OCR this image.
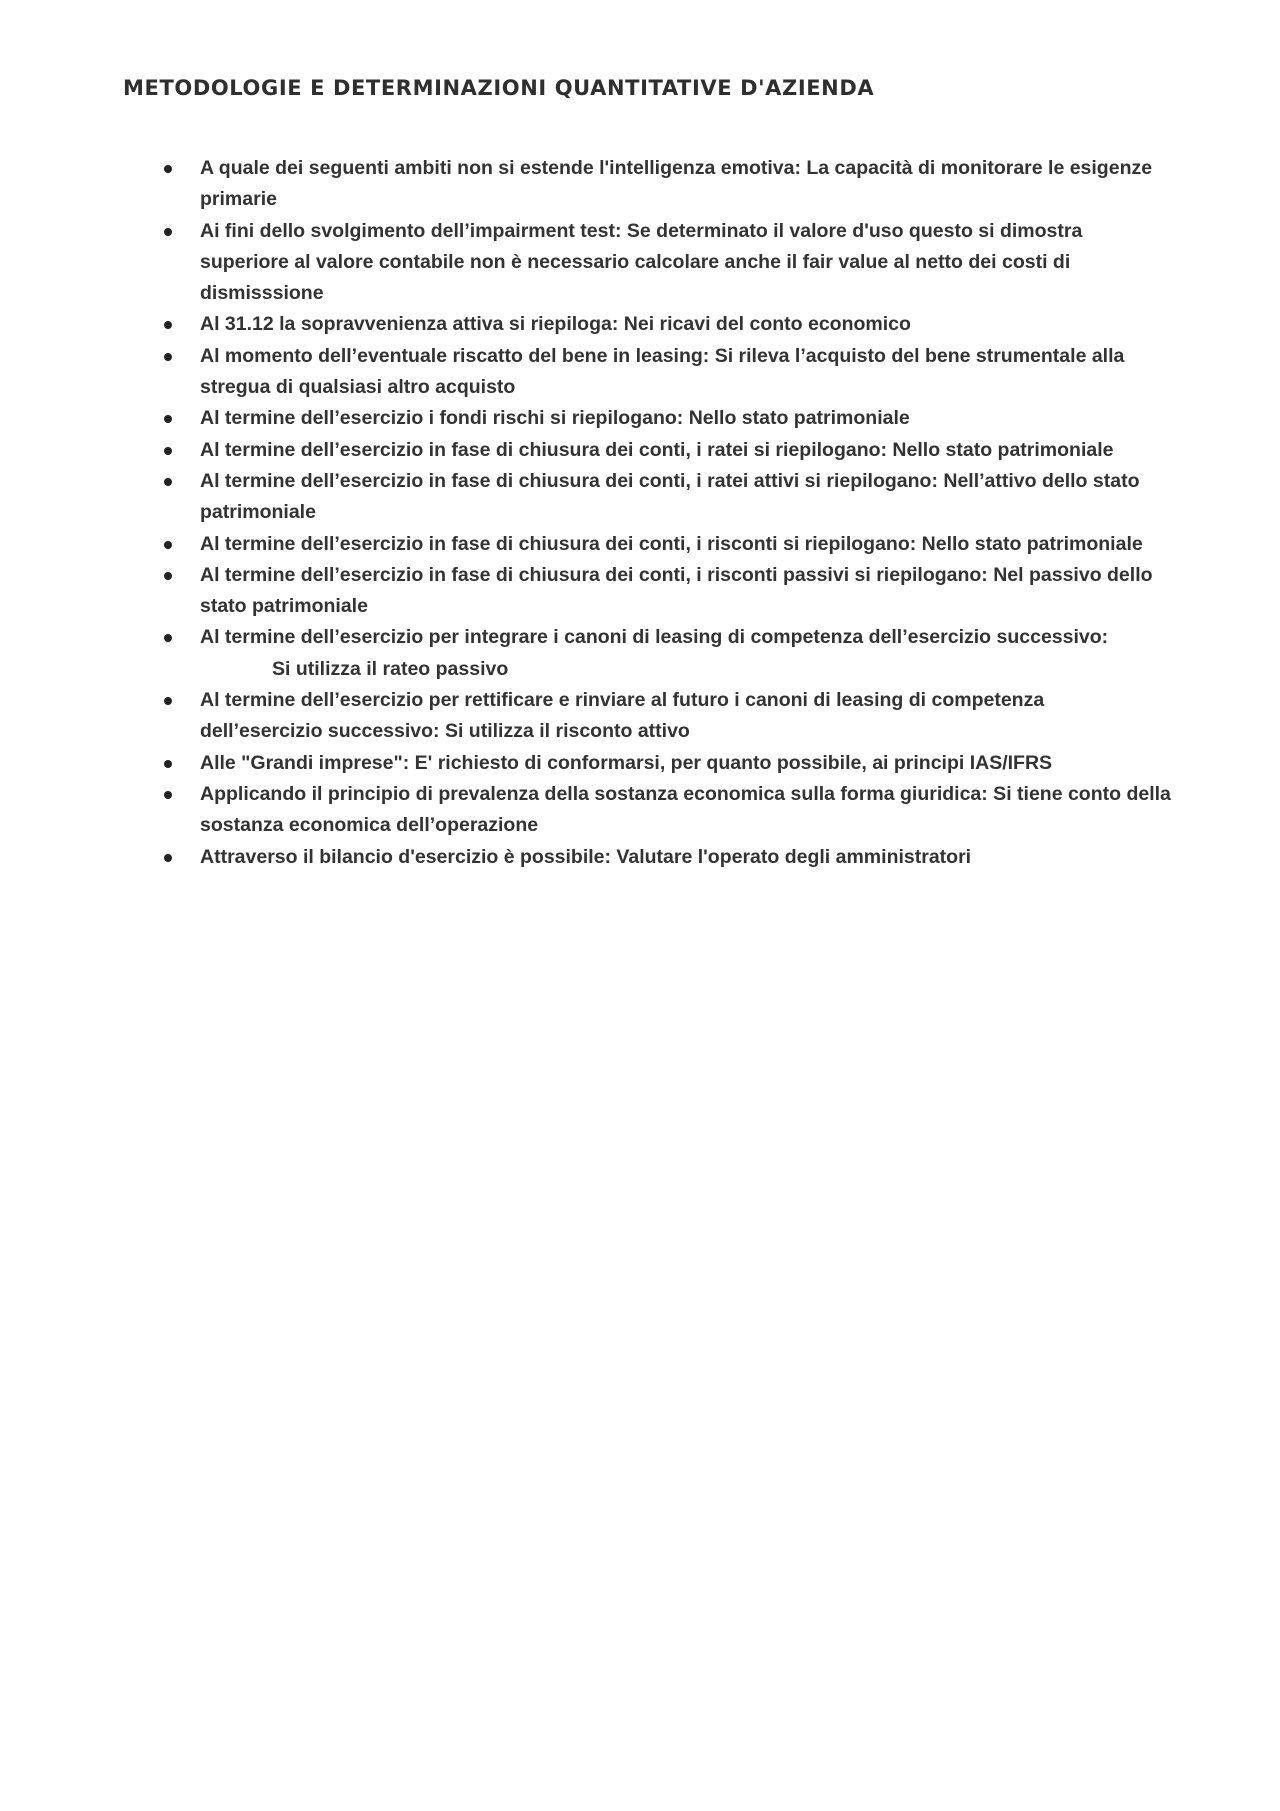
METODOLOGIE E DETERMINAZIONI QUANTITATIVE D'AZIENDA
A quale dei seguenti ambiti non si estende l'intelligenza emotiva: La capacità di monitorare le esigenze primarie
Ai fini dello svolgimento dell’impairment test: Se determinato il valore d'uso questo si dimostra superiore al valore contabile non è necessario calcolare anche il fair value al netto dei costi di dismisssione
Al 31.12 la sopravvenienza attiva si riepiloga: Nei ricavi del conto economico
Al momento dell’eventuale riscatto del bene in leasing: Si rileva l’acquisto del bene strumentale alla stregua di qualsiasi altro acquisto
Al termine dell’esercizio i fondi rischi si riepilogano: Nello stato patrimoniale
Al termine dell’esercizio in fase di chiusura dei conti, i ratei si riepilogano: Nello stato patrimoniale
Al termine dell’esercizio in fase di chiusura dei conti, i ratei attivi si riepilogano: Nell’attivo dello stato patrimoniale
Al termine dell’esercizio in fase di chiusura dei conti, i risconti si riepilogano: Nello stato patrimoniale
Al termine dell’esercizio in fase di chiusura dei conti, i risconti passivi si riepilogano: Nel passivo dello stato patrimoniale
Al termine dell’esercizio per integrare i canoni di leasing di competenza dell’esercizio successivo:
Si utilizza il rateo passivo
Al termine dell’esercizio per rettificare e rinviare al futuro i canoni di leasing di competenza dell’esercizio successivo: Si utilizza il risconto attivo
Alle "Grandi imprese": E' richiesto di conformarsi, per quanto possibile, ai principi IAS/IFRS
Applicando il principio di prevalenza della sostanza economica sulla forma giuridica: Si tiene conto della sostanza economica dell’operazione
Attraverso il bilancio d'esercizio è possibile: Valutare l'operato degli amministratori
